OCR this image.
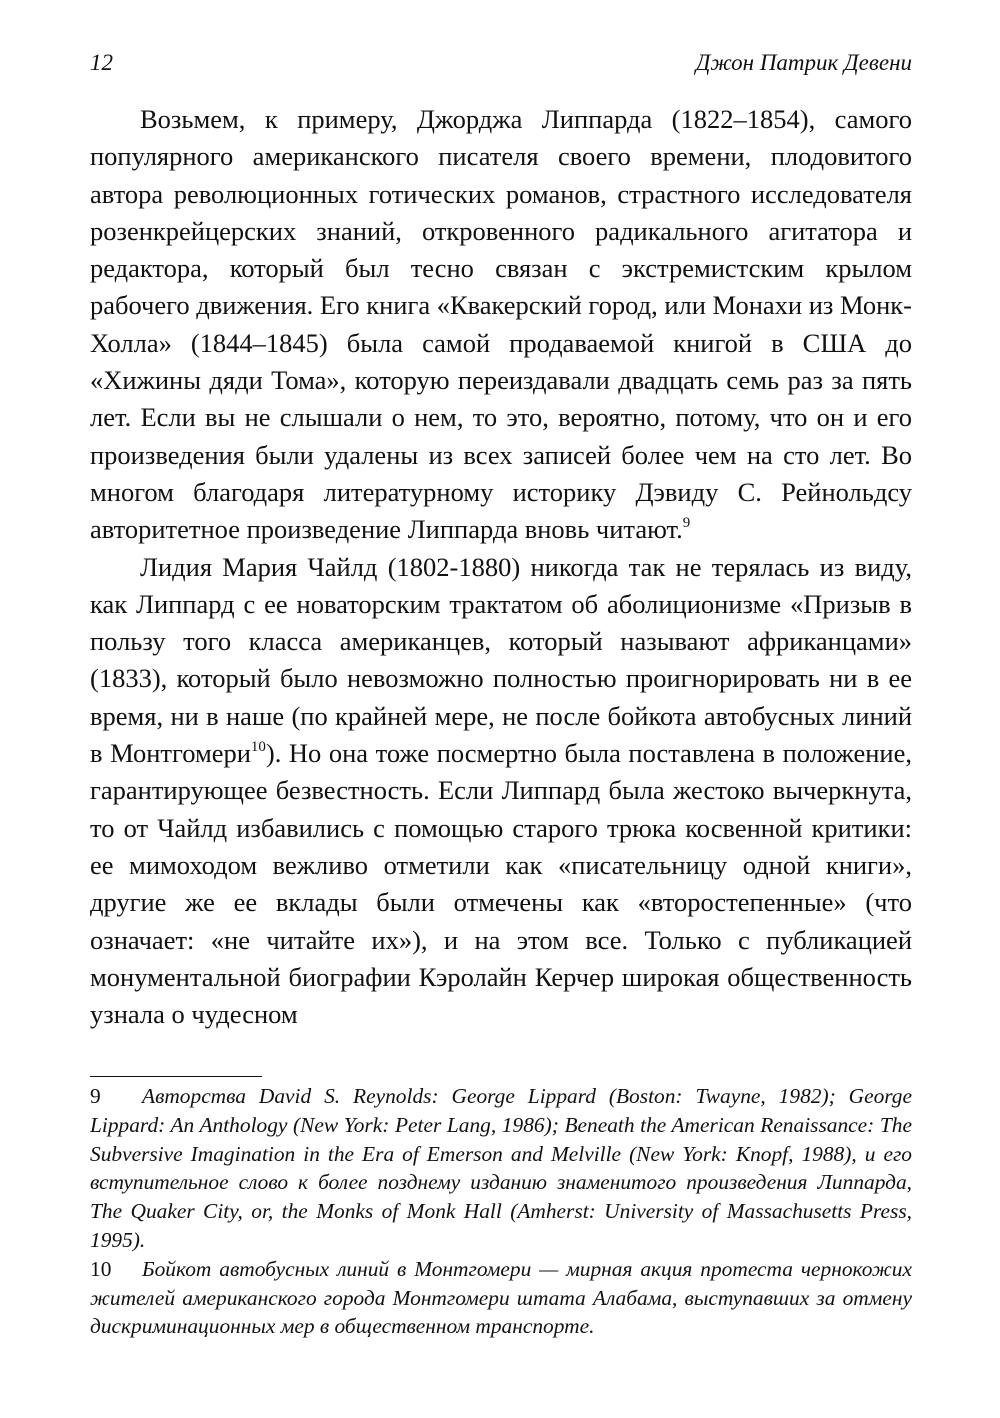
12	Джон Патрик Девени

Возьмем, к примеру, Джорджа Липпарда (1822–1854), самого популярного американского писателя своего времени, плодовитого автора революционных готических романов, страстного исследователя розенкрейцерских знаний, откровенного радикального агитатора и редактора, который был тесно связан с экстремистским крылом рабочего движения. Его книга «Квакерский город, или Монахи из Монк-Холла» (1844–1845) была самой продаваемой книгой в США до «Хижины дяди Тома», которую переиздавали двадцать семь раз за пять лет. Если вы не слышали о нем, то это, вероятно, потому, что он и его произведения были удалены из всех записей более чем на сто лет. Во многом благодаря литературному историку Дэвиду С. Рейнольдсу авторитетное произведение Липпарда вновь читают.$^9$

Лидия Мария Чайлд (1802-1880) никогда так не терялась из виду, как Липпард с ее новаторским трактатом об аболиционизме «Призыв в пользу того класса американцев, который называют африканцами» (1833), который было невозможно полностью проигнорировать ни в ее время, ни в наше (по крайней мере, не после бойкота автобусных линий в Монтгомери$^{10}$). Но она тоже посмертно была поставлена в положение, гарантирующее безвестность. Если Липпард была жестоко вычеркнута, то от Чайлд избавились с помощью старого трюка косвенной критики: ее мимоходом вежливо отметили как «писательницу одной книги», другие же ее вклады были отмечены как «второстепенные» (что означает: «не читайте их»), и на этом все. Только с публикацией монументальной биографии Кэролайн Керчер широкая общественность узнала о чудесном

9 Авторства David S. Reynolds: George Lippard (Boston: Twayne, 1982); George Lippard: An Anthology (New York: Peter Lang, 1986); Beneath the American Renaissance: The Subversive Imagination in the Era of Emerson and Melville (New York: Knopf, 1988), и его вступительное слово к более позднему изданию знаменитого произведения Липпарда, The Quaker City, or, the Monks of Monk Hall (Amherst: University of Massachusetts Press, 1995).

10 Бойкот автобусных линий в Монтгомери — мирная акция протеста чернокожих жителей американского города Монтгомери штата Алабама, выступавших за отмену дискриминационных мер в общественном транспорте.
